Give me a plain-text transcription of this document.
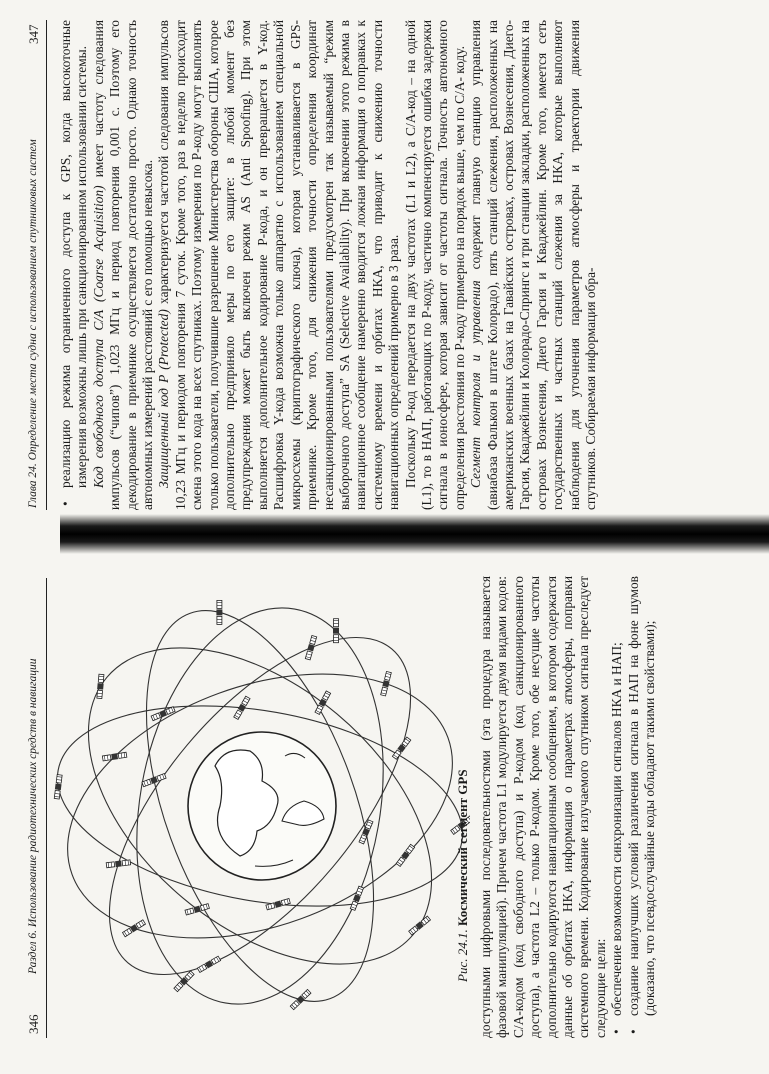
346
Раздел 6. Использование радиотехнических средств в навигации	Рис. 24.1. Космический сегмент GPS доступными цифровыми последовательностями (эта процедура называется фазовой манипуляцией). Причем частота L1 модулируется двумя видами кодов: C/A-кодом (код свободного доступа) и P-кодом (код санкционированного доступа), а частота L2 – только P-кодом. Кроме того, обе несущие частоты дополнительно кодируются навигационным сообщением, в котором содержатся данные об орбитах НКА, информация о параметрах атмосферы, поправки системного времени. Кодирование излучаемого спутником сигнала преследует следующие цели: • обеспечение возможности синхронизации сигналов НКА и НАП; • создание наилучших условий различения сигнала в НАП на фоне шумов (доказано, что псевдослучайные коды обладают такими свойствами);

Глава 24. Определение места судна с использованием спутниковых систем
347 • реализацию режима ограниченного доступа к GPS, когда высокоточные измерения возможны лишь при санкционированном использовании системы. Код свободного доступа C/A (Coarse Acquisition) имеет частоту следования импульсов (“чипов”) 1,023 МГц и период повторения 0,001 с. Поэтому его декодирование в приемнике осуществляется достаточно просто. Однако точность автономных измерений расстояний с его помощью невысока. Защищенный код P (Protected) характеризуется частотой следования импульсов 10,23 МГц и периодом повторения 7 суток. Кроме того, раз в неделю происходит смена этого кода на всех спутниках. Поэтому измерения по P-коду могут выполнять только пользователи, получившие разрешение Министерства обороны США, которое дополнительно предприняло меры по его защите: в любой момент без предупреждения может быть включен режим AS (Anti Spoofing). При этом выполняется дополнительное кодирование P-кода, и он превращается в Y-код. Расшифровка Y-кода возможна только аппаратно с использованием специальной микросхемы (криптографического ключа), которая устанавливается в GPS-приемнике. Кроме того, для снижения точности определения координат несанкционированными пользователями предусмотрен так называемый “режим выборочного доступа” SA (Selective Availability). При включении этого режима в навигационное сообщение намеренно вводится ложная информация о поправках к системному времени и орбитах НКА, что приводит к снижению точности навигационных определений примерно в 3 раза. Поскольку P-код передается на двух частотах (L1 и L2), а C/A-код – на одной (L1), то в НАП, работающих по P-коду, частично компенсируется ошибка задержки сигнала в ионосфере, которая зависит от частоты сигнала. Точность автономного определения расстояния по P-коду примерно на порядок выше, чем по C/A- коду. Сегмент контроля и управления содержит главную станцию управления (авиабаза Фалькон в штате Колорадо), пять станций слежения, расположенных на американских военных базах на Гавайских островах, островах Вознесения, Диего-Гарсия, Кваджейлин и Колорадо-Спрингс и три станции закладки, расположенных на островах Вознесения, Диего Гарсия и Кваджейлин. Кроме того, имеется сеть государственных и частных станций слежения за НКА, которые выполняют наблюдения для уточнения параметров атмосферы и траектории движения спутников. Собираемая информация обра-
